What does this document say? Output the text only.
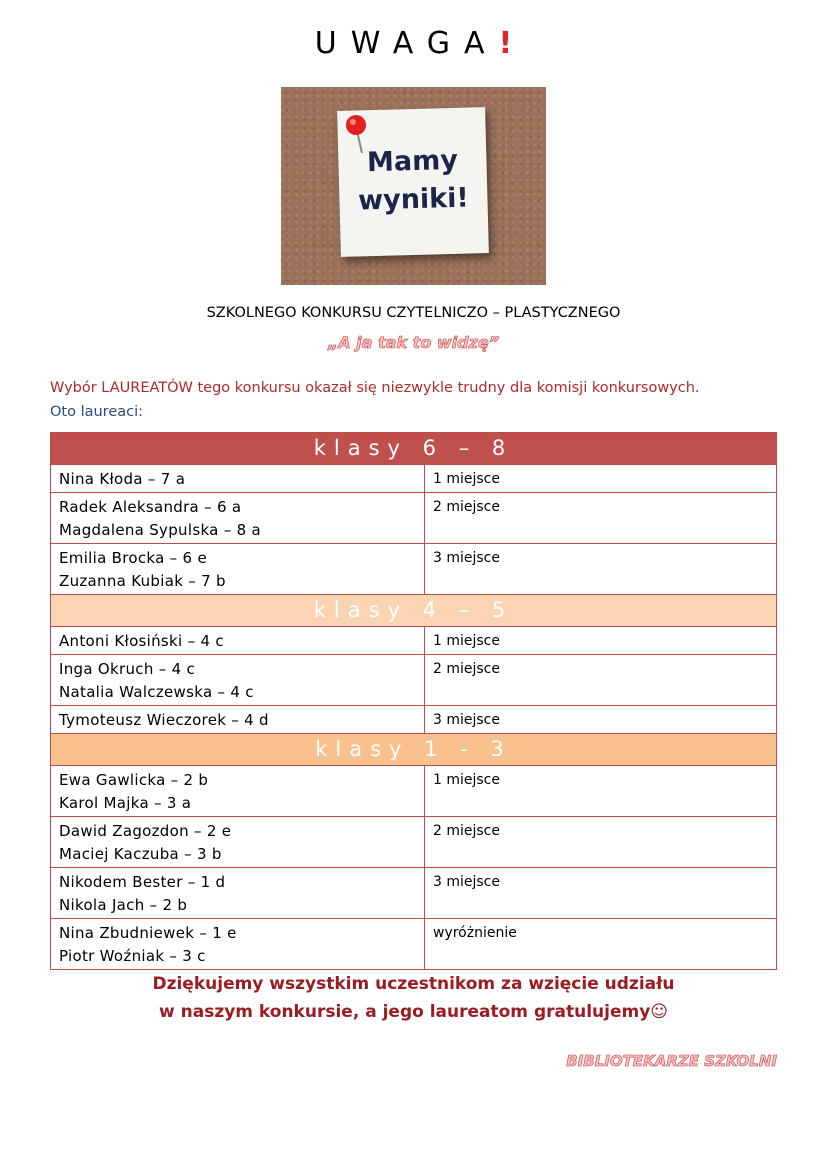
UWAGA!
Mamy
wyniki!
SZKOLNEGO KONKURSU CZYTELNICZO – PLASTYCZNEGO
„A ja tak to widzę”
Wybór LAUREATÓW tego konkursu okazał się niezwykle trudny dla komisji konkursowych.
Oto laureaci:
klasy 6 – 8	
Nina Kłoda – 7 a	1 miejsce
Radek Aleksandra – 6 a
Magdalena Sypulska – 8 a	2 miejsce
Emilia Brocka – 6 e
Zuzanna Kubiak – 7 b	3 miejsce
klasy 4 – 5	
Antoni Kłosiński – 4 c	1 miejsce
Inga Okruch – 4 c
Natalia Walczewska – 4 c	2 miejsce
Tymoteusz Wieczorek – 4 d	3 miejsce
klasy 1 - 3	
Ewa Gawlicka – 2 b
Karol Majka – 3 a	1 miejsce
Dawid Zagozdon – 2 e
Maciej Kaczuba – 3 b	2 miejsce
Nikodem Bester – 1 d
Nikola Jach – 2 b	3 miejsce
Nina Zbudniewek – 1 e
Piotr Woźniak – 3 c	wyróżnienie
Dziękujemy wszystkim uczestnikom za wzięcie udziału
w naszym konkursie, a jego laureatom gratulujemy☺
BIBLIOTEKARZE SZKOLNI
